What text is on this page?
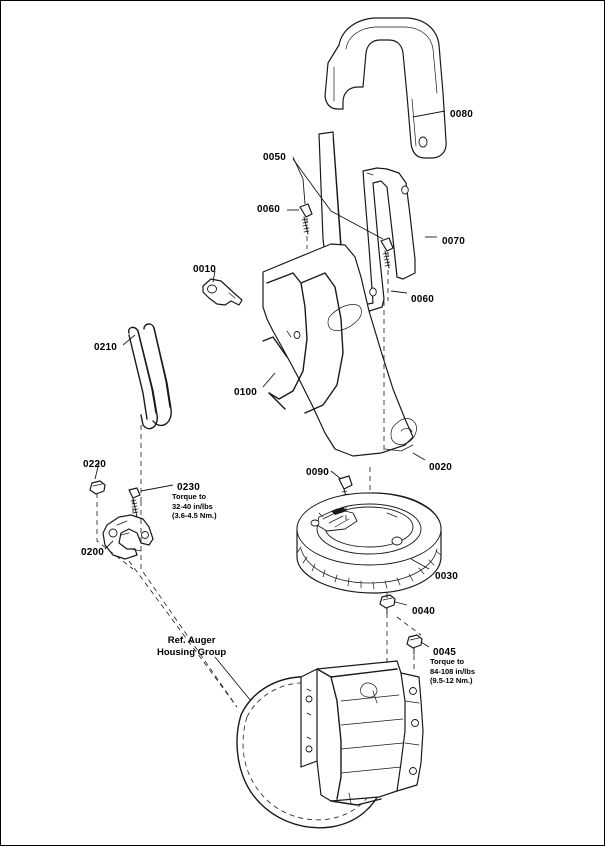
0080
0050
0060
0070
0060
0010
0210
0100
0220
0090	0020
0230
0200
0030
0040
0045
Torque to
32-40 in/lbs
(3.6-4.5 Nm.)
Torque to
84-108 in/lbs
(9.5-12 Nm.)
Ref. Auger
Housing Group
